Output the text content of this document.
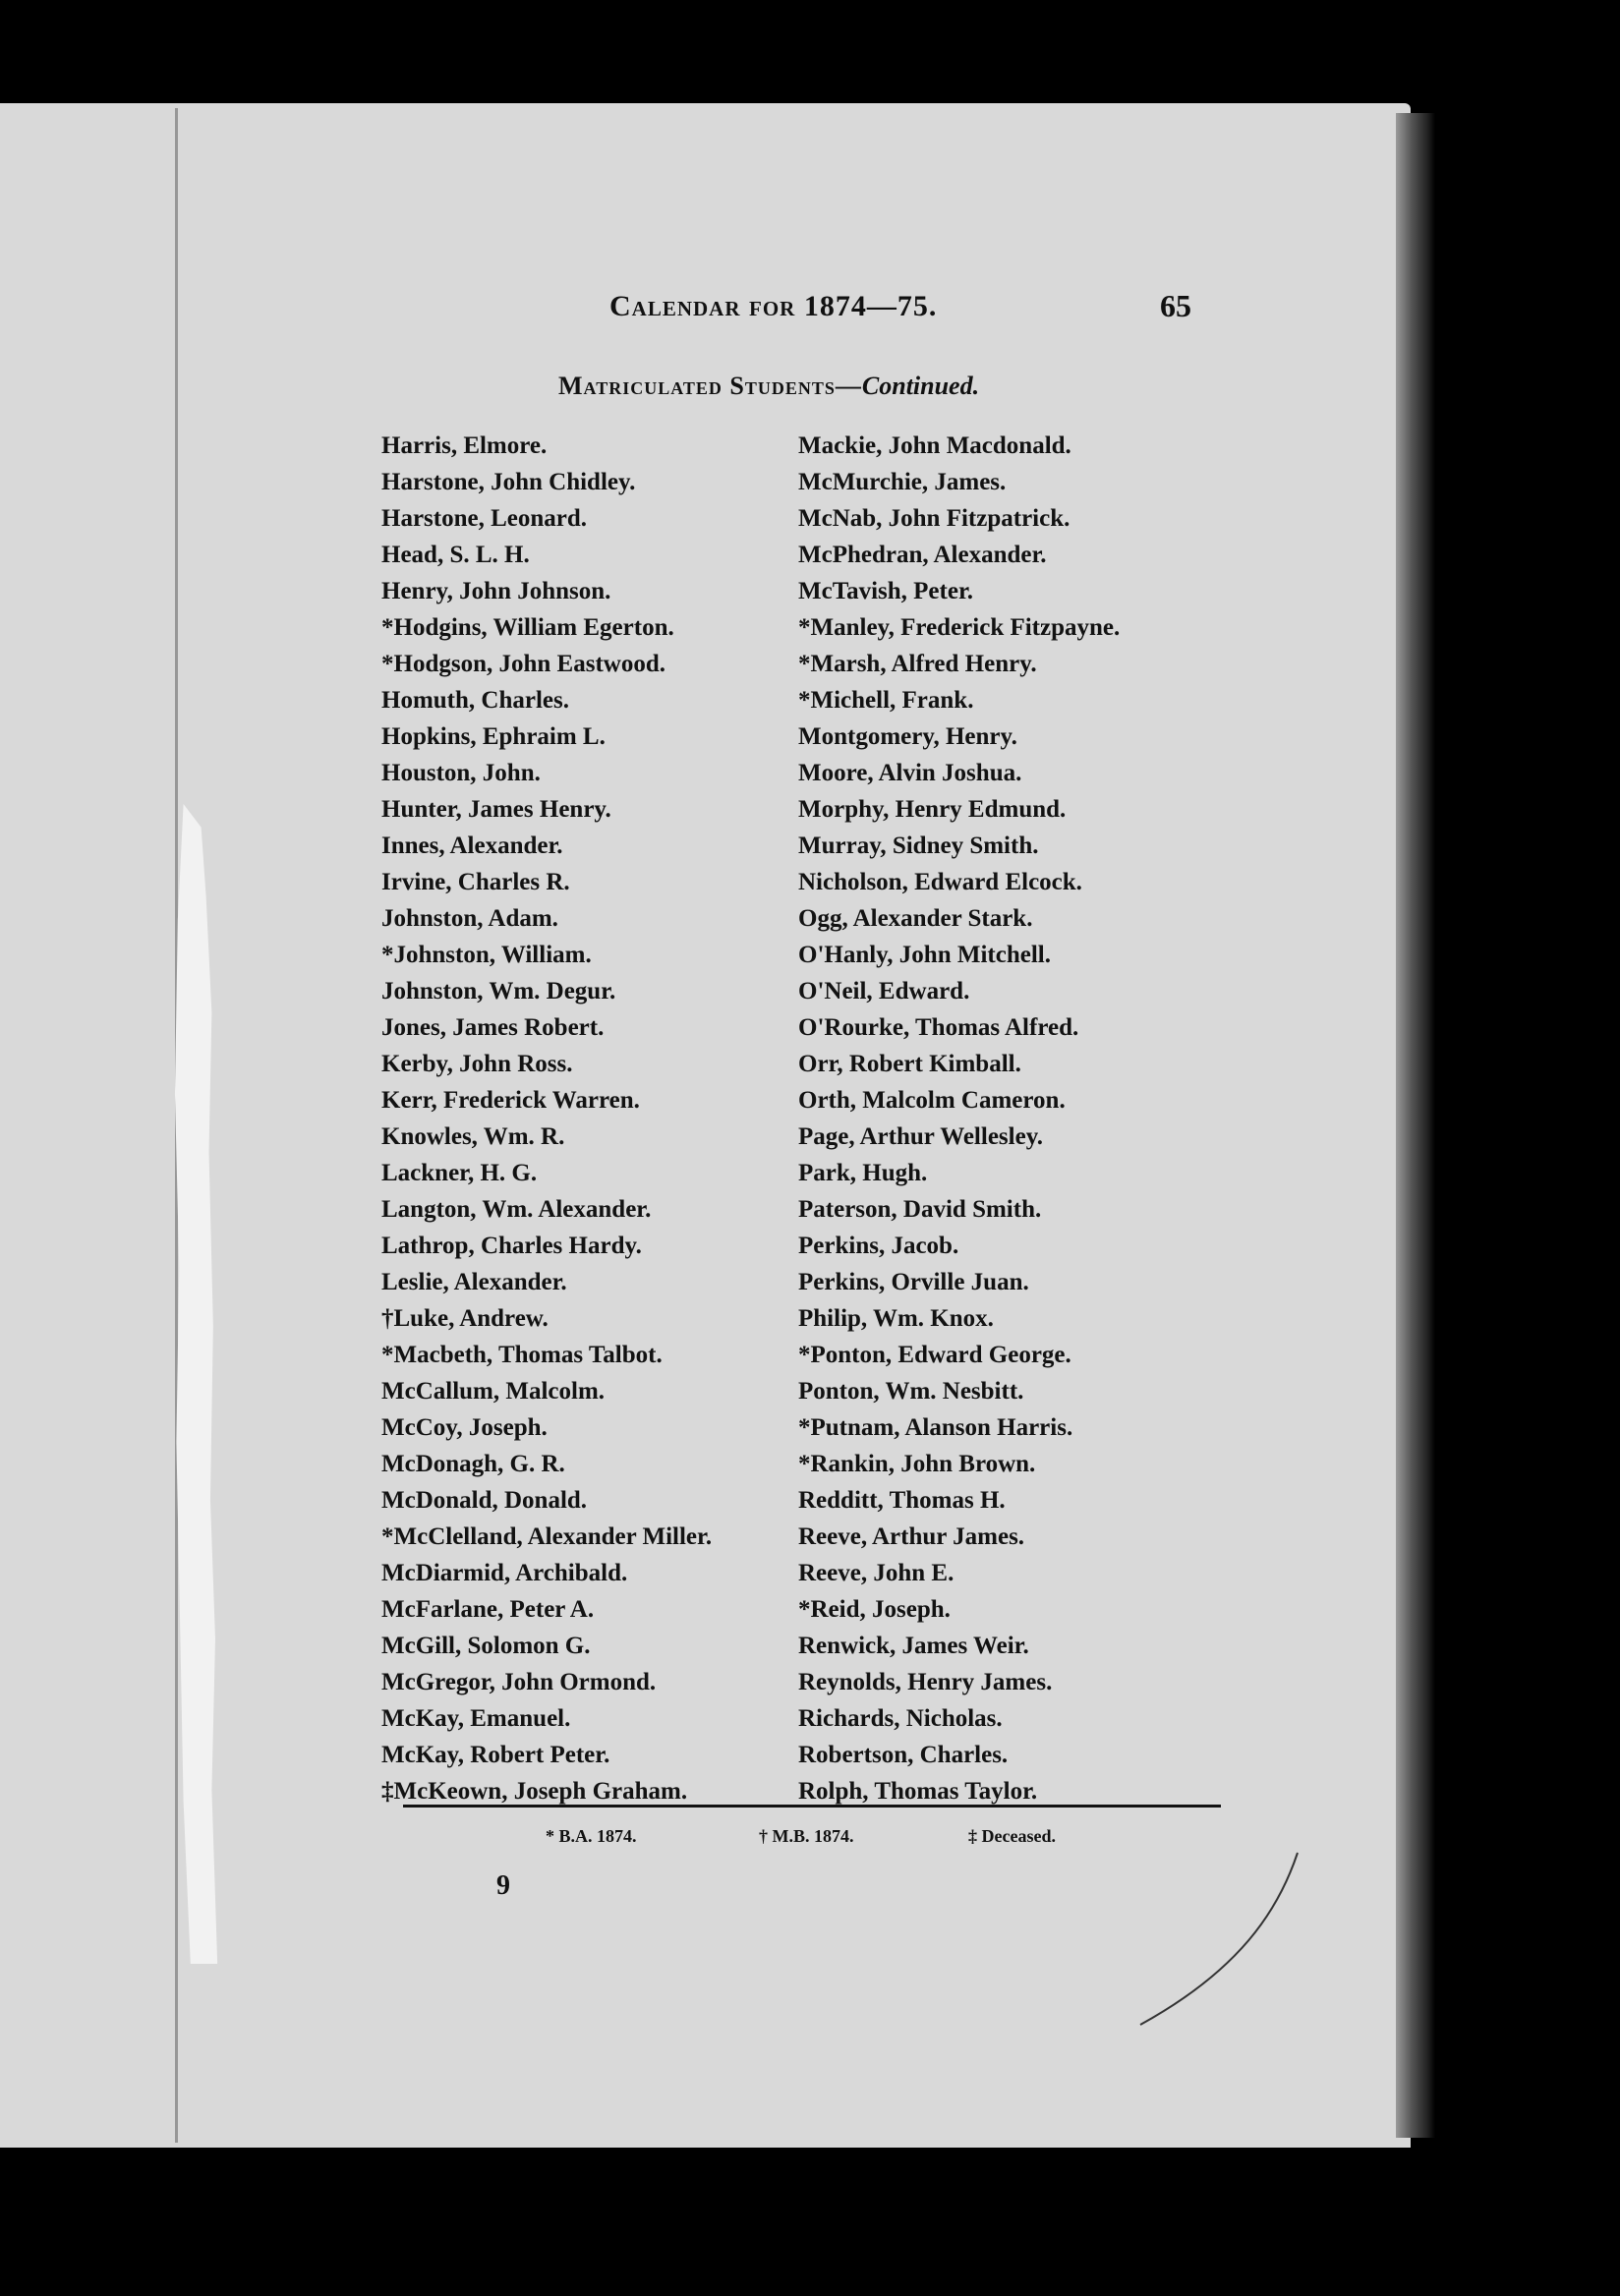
Calendar for 1874—75.	65
Matriculated Students—Continued.
Harris, Elmore.
Harstone, John Chidley.
Harstone, Leonard.
Head, S. L. H.
Henry, John Johnson.
*Hodgins, William Egerton.
*Hodgson, John Eastwood.
Homuth, Charles.
Hopkins, Ephraim L.
Houston, John.
Hunter, James Henry.
Innes, Alexander.
Irvine, Charles R.
Johnston, Adam.
*Johnston, William.
Johnston, Wm. Degur.
Jones, James Robert.
Kerby, John Ross.
Kerr, Frederick Warren.
Knowles, Wm. R.
Lackner, H. G.
Langton, Wm. Alexander.
Lathrop, Charles Hardy.
Leslie, Alexander.
†Luke, Andrew.
*Macbeth, Thomas Talbot.
McCallum, Malcolm.
McCoy, Joseph.
McDonagh, G. R.
McDonald, Donald.
*McClelland, Alexander Miller.
McDiarmid, Archibald.
McFarlane, Peter A.
McGill, Solomon G.
McGregor, John Ormond.
McKay, Emanuel.
McKay, Robert Peter.
‡McKeown, Joseph Graham.
Mackie, John Macdonald.
McMurchie, James.
McNab, John Fitzpatrick.
McPhedran, Alexander.
McTavish, Peter.
*Manley, Frederick Fitzpayne.
*Marsh, Alfred Henry.
*Michell, Frank.
Montgomery, Henry.
Moore, Alvin Joshua.
Morphy, Henry Edmund.
Murray, Sidney Smith.
Nicholson, Edward Elcock.
Ogg, Alexander Stark.
O'Hanly, John Mitchell.
O'Neil, Edward.
O'Rourke, Thomas Alfred.
Orr, Robert Kimball.
Orth, Malcolm Cameron.
Page, Arthur Wellesley.
Park, Hugh.
Paterson, David Smith.
Perkins, Jacob.
Perkins, Orville Juan.
Philip, Wm. Knox.
*Ponton, Edward George.
Ponton, Wm. Nesbitt.
*Putnam, Alanson Harris.
*Rankin, John Brown.
Redditt, Thomas H.
Reeve, Arthur James.
Reeve, John E.
*Reid, Joseph.
Renwick, James Weir.
Reynolds, Henry James.
Richards, Nicholas.
Robertson, Charles.
Rolph, Thomas Taylor.
* B.A. 1874.	† M.B. 1874.	‡ Deceased.
9
